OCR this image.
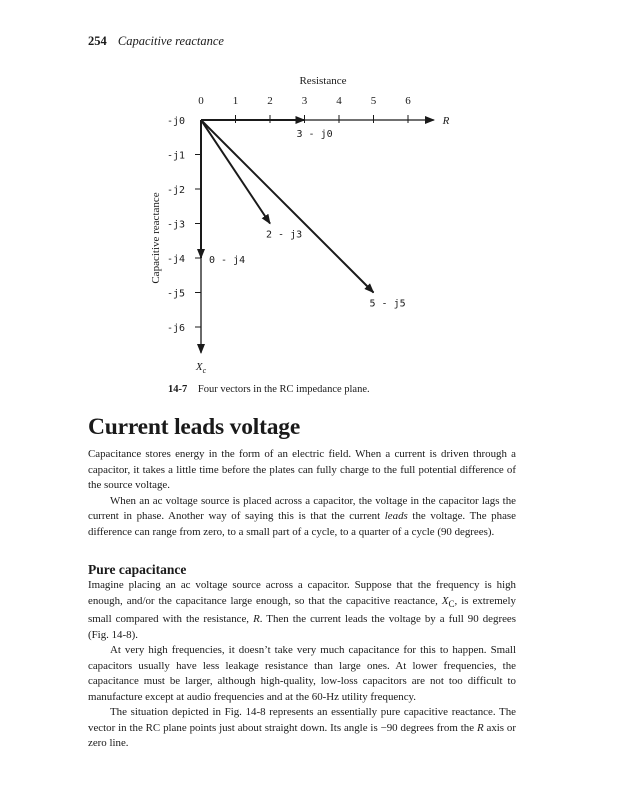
254 Capacitive reactance
Resistance
Capacitive reactance
R
$X_c$
0	1	2	3	4	5	6
-j0
-j1
-j2
-j3
-j4
-j5
-j6
3 - j0
2 - j3
0 - j4
5 - j5
14-7 Four vectors in the RC impedance plane.
Current leads voltage

Capacitance stores energy in the form of an electric field. When a current is driven through a capacitor, it takes a little time before the plates can fully charge to the full potential difference of the source voltage.

When an ac voltage source is placed across a capacitor, the voltage in the capacitor lags the current in phase. Another way of saying this is that the current leads the voltage. The phase difference can range from zero, to a small part of a cycle, to a quarter of a cycle (90 degrees).

Pure capacitance

Imagine placing an ac voltage source across a capacitor. Suppose that the frequency is high enough, and/or the capacitance large enough, so that the capacitive reactance, $X_C$, is extremely small compared with the resistance, R. Then the current leads the voltage by a full 90 degrees (Fig. 14-8).

At very high frequencies, it doesn’t take very much capacitance for this to happen. Small capacitors usually have less leakage resistance than large ones. At lower frequencies, the capacitance must be larger, although high-quality, low-loss capacitors are not too difficult to manufacture except at audio frequencies and at the 60-Hz utility frequency.

The situation depicted in Fig. 14-8 represents an essentially pure capacitive reactance. The vector in the RC plane points just about straight down. Its angle is −90 degrees from the R axis or zero line.
